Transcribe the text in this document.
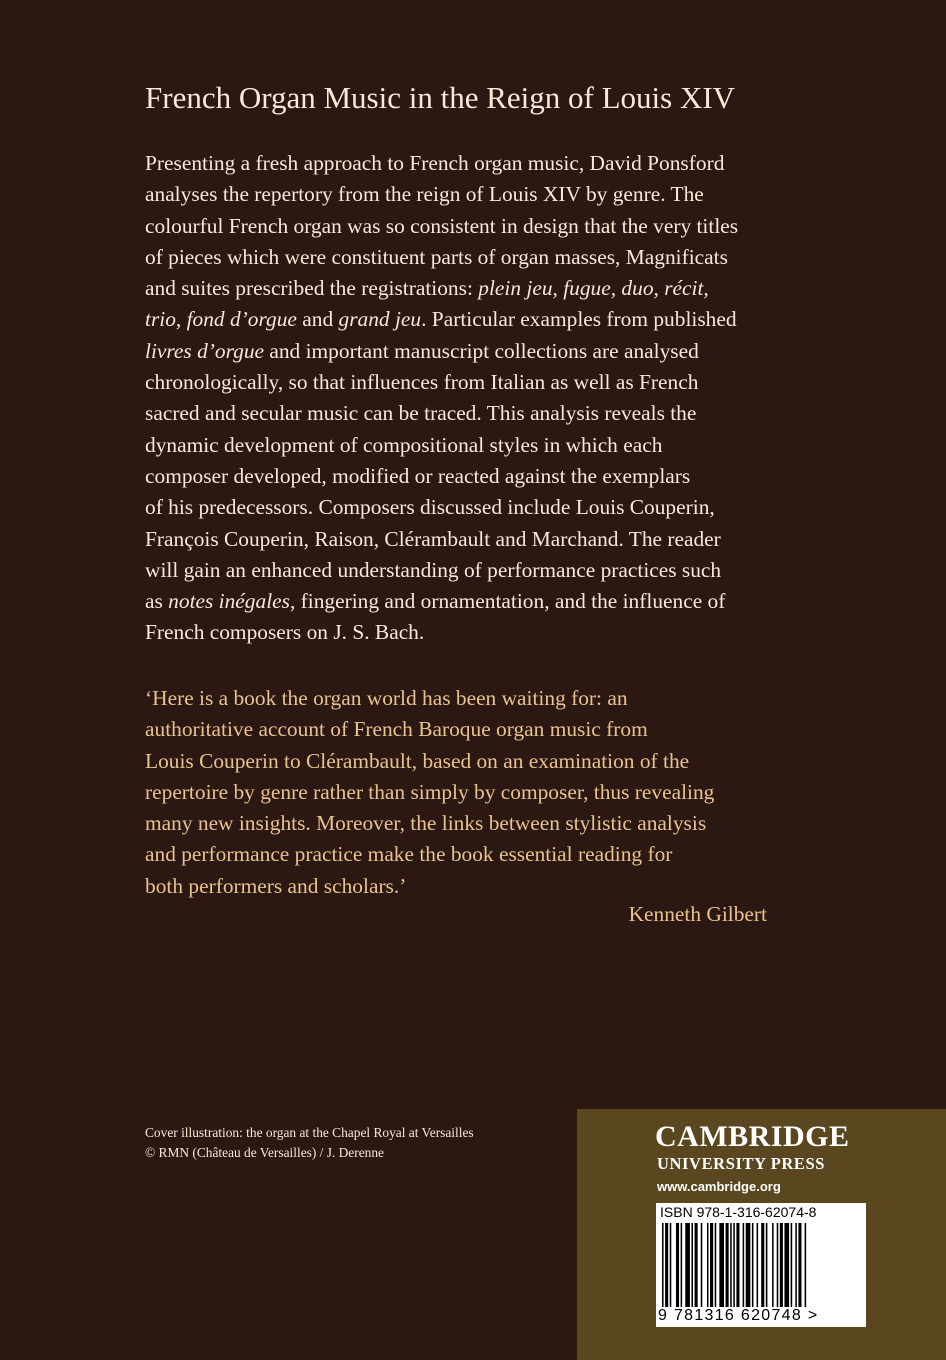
French Organ Music in the Reign of Louis XIV
Presenting a fresh approach to French organ music, David Ponsford
analyses the repertory from the reign of Louis XIV by genre. The
colourful French organ was so consistent in design that the very titles
of pieces which were constituent parts of organ masses, Magnificats
and suites prescribed the registrations: plein jeu, fugue, duo, récit,
trio, fond d’orgue and grand jeu. Particular examples from published
livres d’orgue and important manuscript collections are analysed
chronologically, so that influences from Italian as well as French
sacred and secular music can be traced. This analysis reveals the
dynamic development of compositional styles in which each
composer developed, modified or reacted against the exemplars
of his predecessors. Composers discussed include Louis Couperin,
François Couperin, Raison, Clérambault and Marchand. The reader
will gain an enhanced understanding of performance practices such
as notes inégales, fingering and ornamentation, and the influence of
French composers on J. S. Bach.
‘Here is a book the organ world has been waiting for: an
authoritative account of French Baroque organ music from
Louis Couperin to Clérambault, based on an examination of the
repertoire by genre rather than simply by composer, thus revealing
many new insights. Moreover, the links between stylistic analysis
and performance practice make the book essential reading for
both performers and scholars.’
Kenneth Gilbert
Cover illustration: the organ at the Chapel Royal at Versailles
© RMN (Château de Versailles) / J. Derenne	CAMBRIDGE
UNIVERSITY PRESS
www.cambridge.org
ISBN 978-1-316-62074-8
9 781316 620748 >
